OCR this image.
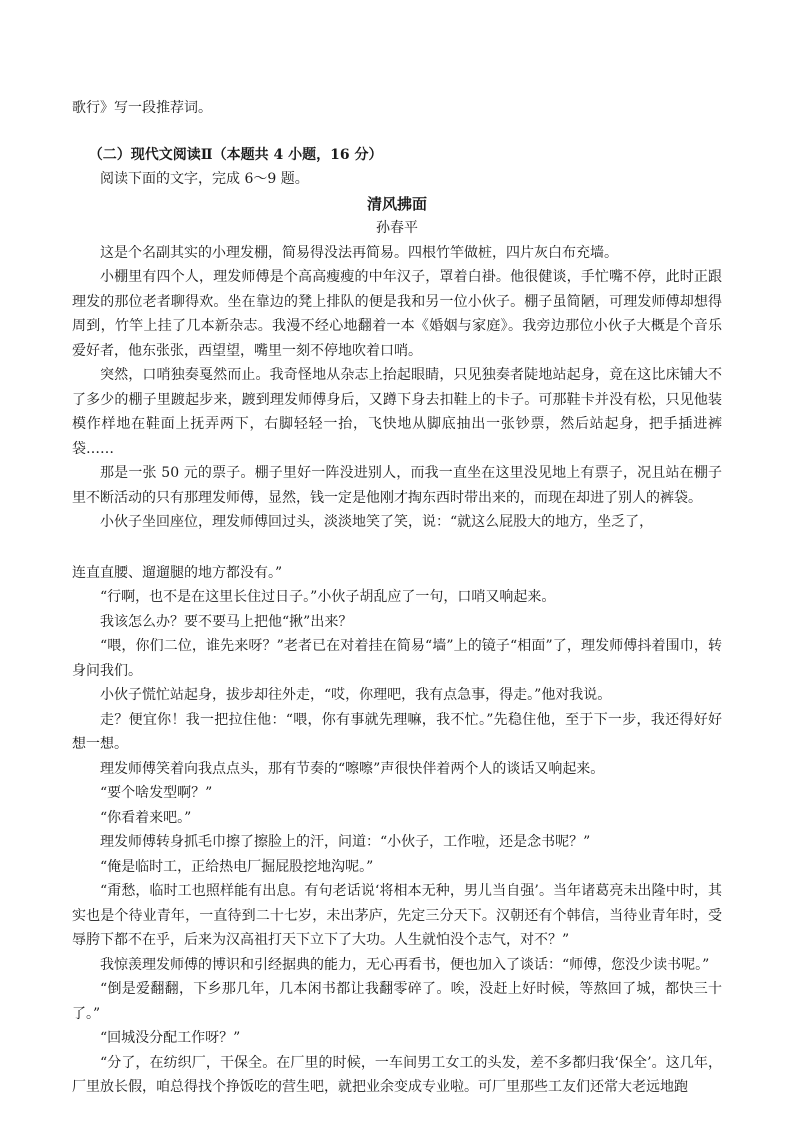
歌行》写一段推荐词。

（二）现代文阅读Ⅱ（本题共 4 小题，16 分）

阅读下面的文字，完成 6～9 题。

清风拂面

孙春平

这是个名副其实的小理发棚，简易得没法再简易。四根竹竿做桩，四片灰白布充墙。

小棚里有四个人，理发师傅是个高高瘦瘦的中年汉子，罩着白褂。他很健谈，手忙嘴不停，此时正跟理发的那位老者聊得欢。坐在靠边的凳上排队的便是我和另一位小伙子。棚子虽简陋，可理发师傅却想得周到，竹竿上挂了几本新杂志。我漫不经心地翻着一本《婚姻与家庭》。我旁边那位小伙子大概是个音乐爱好者，他东张张，西望望，嘴里一刻不停地吹着口哨。

突然，口哨独奏戛然而止。我奇怪地从杂志上抬起眼睛，只见独奏者陡地站起身，竟在这比床铺大不了多少的棚子里踱起步来，踱到理发师傅身后，又蹲下身去扣鞋上的卡子。可那鞋卡并没有松，只见他装模作样地在鞋面上抚弄两下，右脚轻轻一抬，飞快地从脚底抽出一张钞票，然后站起身，把手插进裤袋……

那是一张 50 元的票子。棚子里好一阵没进别人，而我一直坐在这里没见地上有票子，况且站在棚子里不断活动的只有那理发师傅，显然，钱一定是他刚才掏东西时带出来的，而现在却进了别人的裤袋。

小伙子坐回座位，理发师傅回过头，淡淡地笑了笑，说：“就这么屁股大的地方，坐乏了，

连直直腰、遛遛腿的地方都没有。”

“行啊，也不是在这里长住过日子。”小伙子胡乱应了一句，口哨又响起来。

我该怎么办？要不要马上把他“揪”出来？

“喂，你们二位，谁先来呀？”老者已在对着挂在简易“墙”上的镜子“相面”了，理发师傅抖着围巾，转身问我们。

小伙子慌忙站起身，拔步却往外走，“哎，你理吧，我有点急事，得走。”他对我说。

走？便宜你！我一把拉住他：“喂，你有事就先理嘛，我不忙。”先稳住他，至于下一步，我还得好好想一想。

理发师傅笑着向我点点头，那有节奏的“嚓嚓”声很快伴着两个人的谈话又响起来。

“要个啥发型啊？”

“你看着来吧。”

理发师傅转身抓毛巾擦了擦脸上的汗，问道：“小伙子，工作啦，还是念书呢？”

“俺是临时工，正给热电厂掘屁股挖地沟呢。”

“甭愁，临时工也照样能有出息。有句老话说‘将相本无种，男儿当自强’。当年诸葛亮未出隆中时，其实也是个待业青年，一直待到二十七岁，未出茅庐，先定三分天下。汉朝还有个韩信，当待业青年时，受辱胯下都不在乎，后来为汉高祖打天下立下了大功。人生就怕没个志气，对不？”

我惊羡理发师傅的博识和引经据典的能力，无心再看书，便也加入了谈话：“师傅，您没少读书呢。”

“倒是爱翻翻，下乡那几年，几本闲书都让我翻零碎了。唉，没赶上好时候，等熬回了城，都快三十了。”

“回城没分配工作呀？”

“分了，在纺织厂，干保全。在厂里的时候，一车间男工女工的头发，差不多都归我‘保全’。这几年，厂里放长假，咱总得找个挣饭吃的营生吧，就把业余变成专业啦。可厂里那些工友们还常大老远地跑
